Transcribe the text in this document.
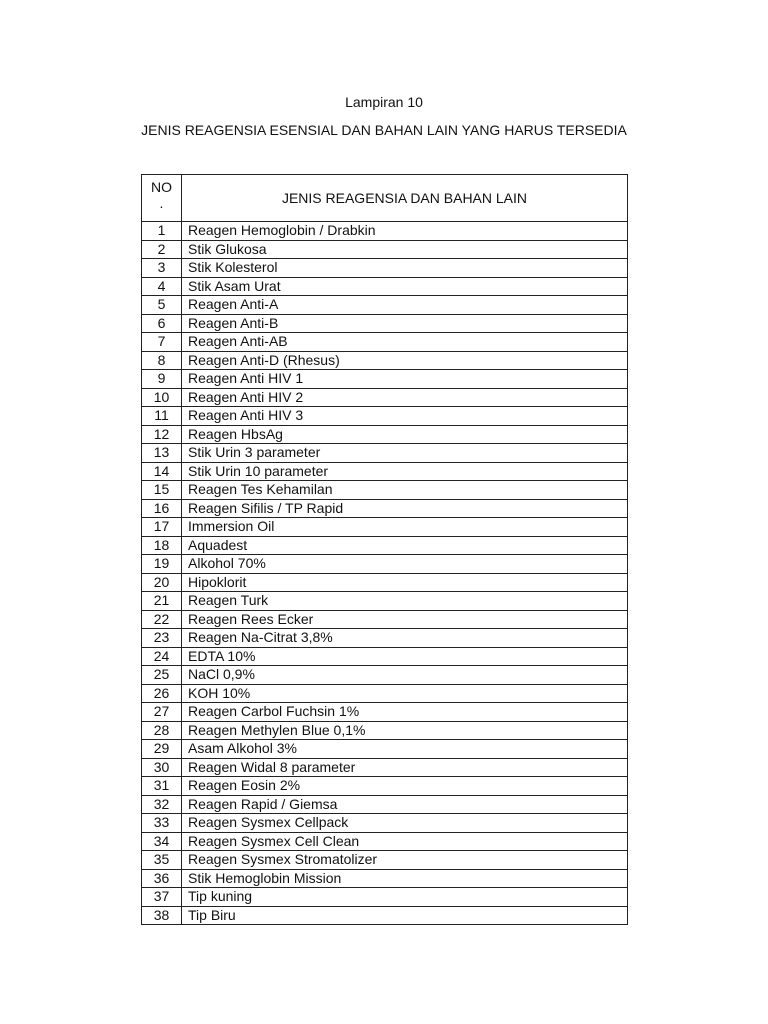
Lampiran 10
JENIS REAGENSIA ESENSIAL DAN BAHAN LAIN YANG HARUS TERSEDIA
NO
.	JENIS REAGENSIA DAN BAHAN LAIN
1	Reagen Hemoglobin / Drabkin
2	Stik Glukosa
3	Stik Kolesterol
4	Stik Asam Urat
5	Reagen Anti-A
6	Reagen Anti-B
7	Reagen Anti-AB
8	Reagen Anti-D (Rhesus)
9	Reagen Anti HIV 1
10	Reagen Anti HIV 2
11	Reagen Anti HIV 3
12	Reagen HbsAg
13	Stik Urin 3 parameter
14	Stik Urin 10 parameter
15	Reagen Tes Kehamilan
16	Reagen Sifilis / TP Rapid
17	Immersion Oil
18	Aquadest
19	Alkohol 70%
20	Hipoklorit
21	Reagen Turk
22	Reagen Rees Ecker
23	Reagen Na-Citrat 3,8%
24	EDTA 10%
25	NaCl 0,9%
26	KOH 10%
27	Reagen Carbol Fuchsin 1%
28	Reagen Methylen Blue 0,1%
29	Asam Alkohol 3%
30	Reagen Widal 8 parameter
31	Reagen Eosin 2%
32	Reagen Rapid / Giemsa
33	Reagen Sysmex Cellpack
34	Reagen Sysmex Cell Clean
35	Reagen Sysmex Stromatolizer
36	Stik Hemoglobin Mission
37	Tip kuning
38	Tip Biru
